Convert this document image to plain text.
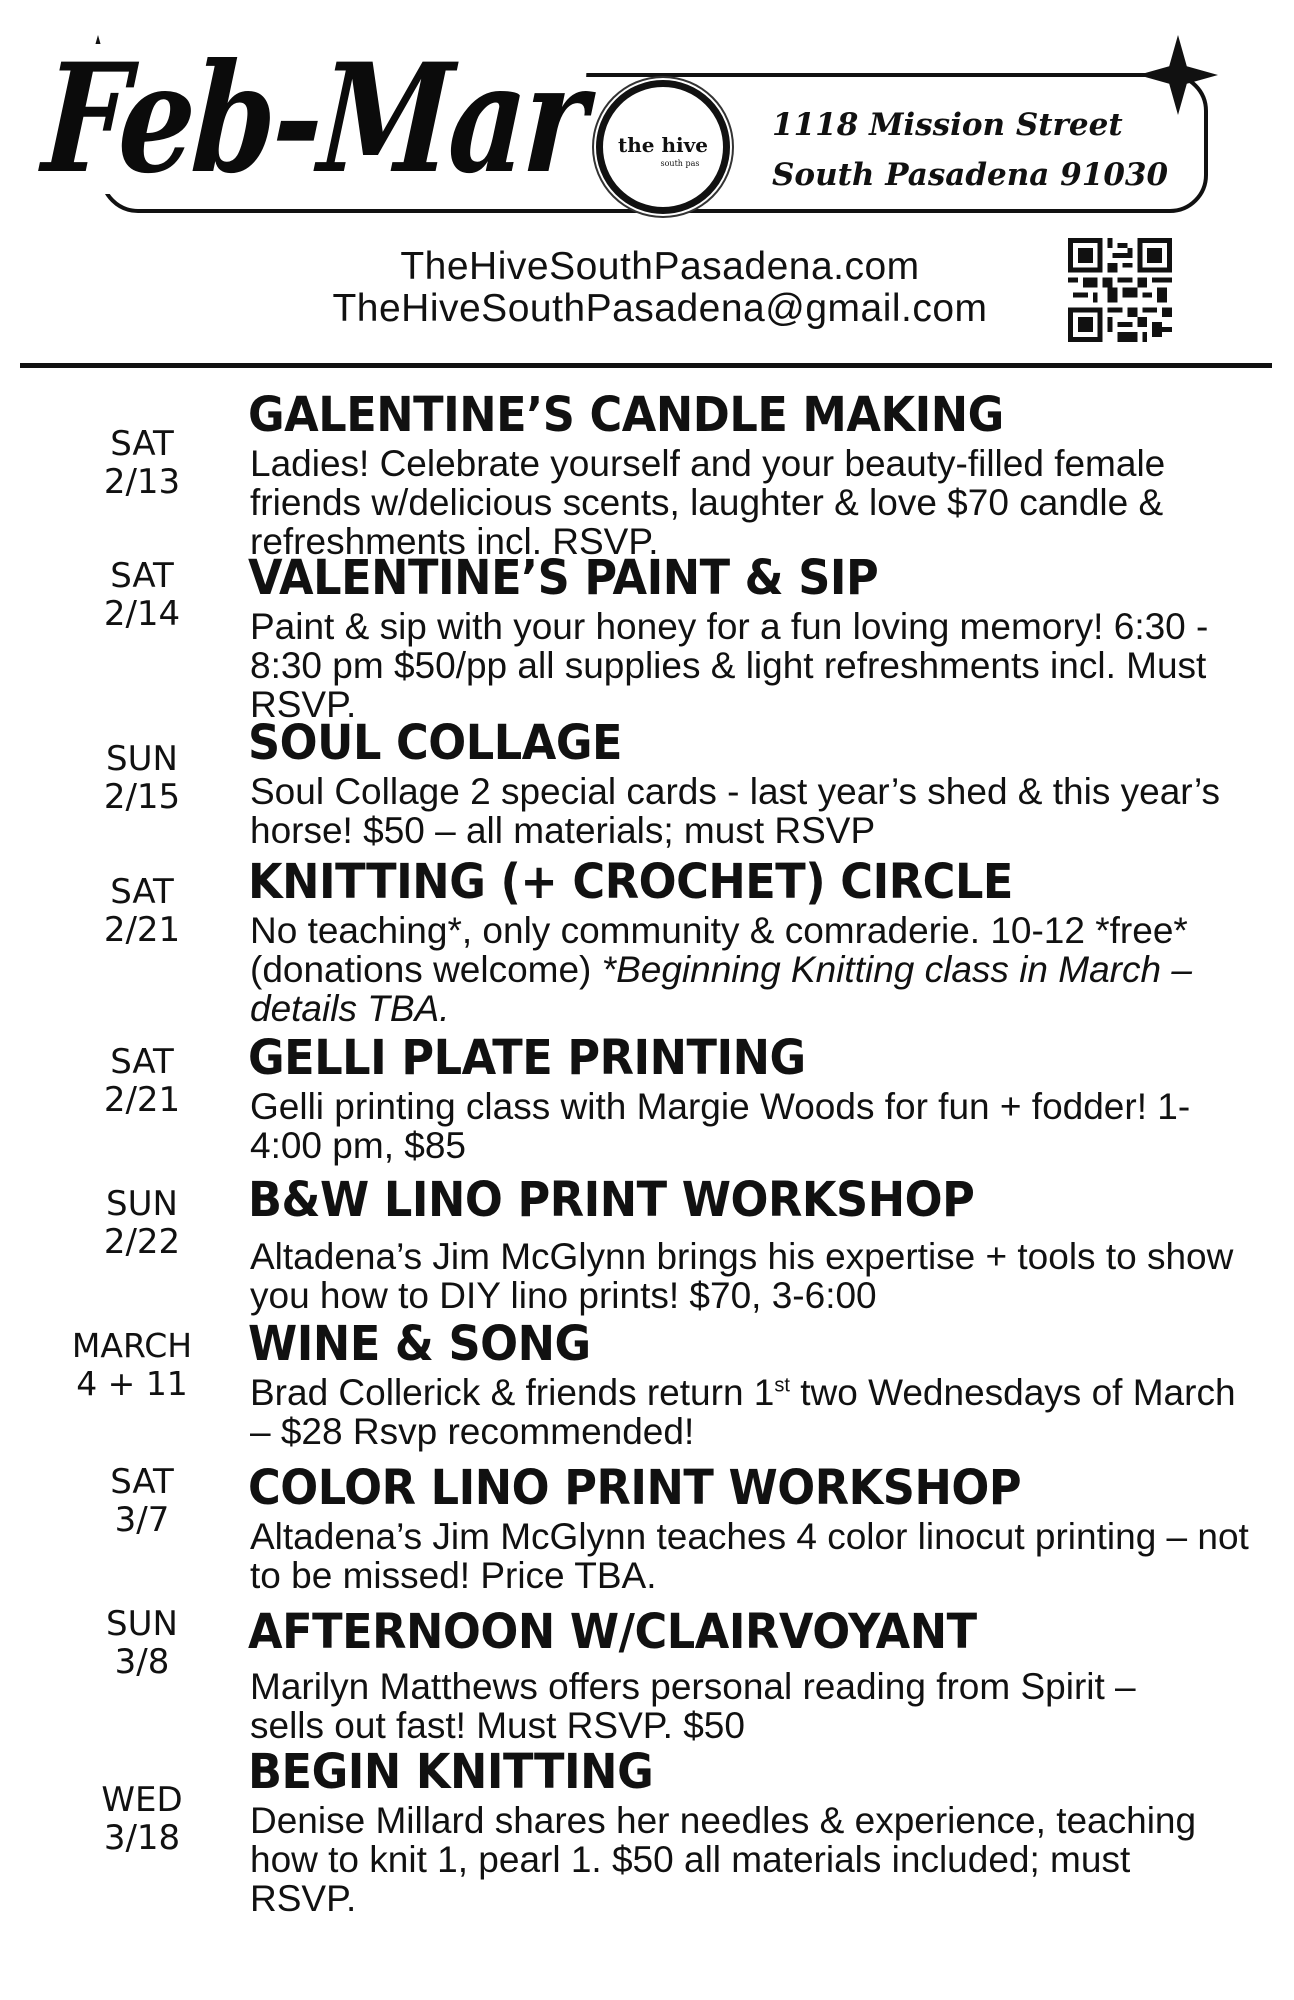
Feb-Mar	the hive
south pas
1118 Mission Street
South Pasadena 91030
TheHiveSouthPasadena.com
TheHiveSouthPasadena@gmail.com
SAT
2/13
GALENTINE’S CANDLE MAKING
Ladies! Celebrate yourself and your beauty-filled female friends w/delicious scents, laughter & love $70 candle & refreshments incl. RSVP.
SAT
2/14
VALENTINE’S PAINT & SIP
Paint & sip with your honey for a fun loving memory! 6:30 - 8:30 pm $50/pp all supplies & light refreshments incl. Must RSVP.
SUN
2/15
SOUL COLLAGE
Soul Collage 2 special cards - last year’s shed & this year’s horse! $50 – all materials; must RSVP
SAT
2/21
KNITTING (+ CROCHET) CIRCLE
No teaching*, only community & comraderie. 10-12 *free*(donations welcome) *Beginning Knitting class in March – details TBA.
SAT
2/21
GELLI PLATE PRINTING
Gelli printing class with Margie Woods for fun + fodder! 1-4:00 pm, $85
SUN
2/22
B&W LINO PRINT WORKSHOP
Altadena’s Jim McGlynn brings his expertise + tools to show you how to DIY lino prints! $70, 3-6:00
MARCH
4 + 11
WINE & SONG
Brad Collerick & friends return 1st two Wednesdays of March – $28 Rsvp recommended!
SAT
3/7
COLOR LINO PRINT WORKSHOP
Altadena’s Jim McGlynn teaches 4 color linocut printing – not to be missed! Price TBA.
SUN
3/8
AFTERNOON W/CLAIRVOYANT
Marilyn Matthews offers personal reading from Spirit – sells out fast! Must RSVP. $50
WED
3/18
BEGIN KNITTING
Denise Millard shares her needles & experience, teaching how to knit 1, pearl 1. $50 all materials included; must RSVP.
